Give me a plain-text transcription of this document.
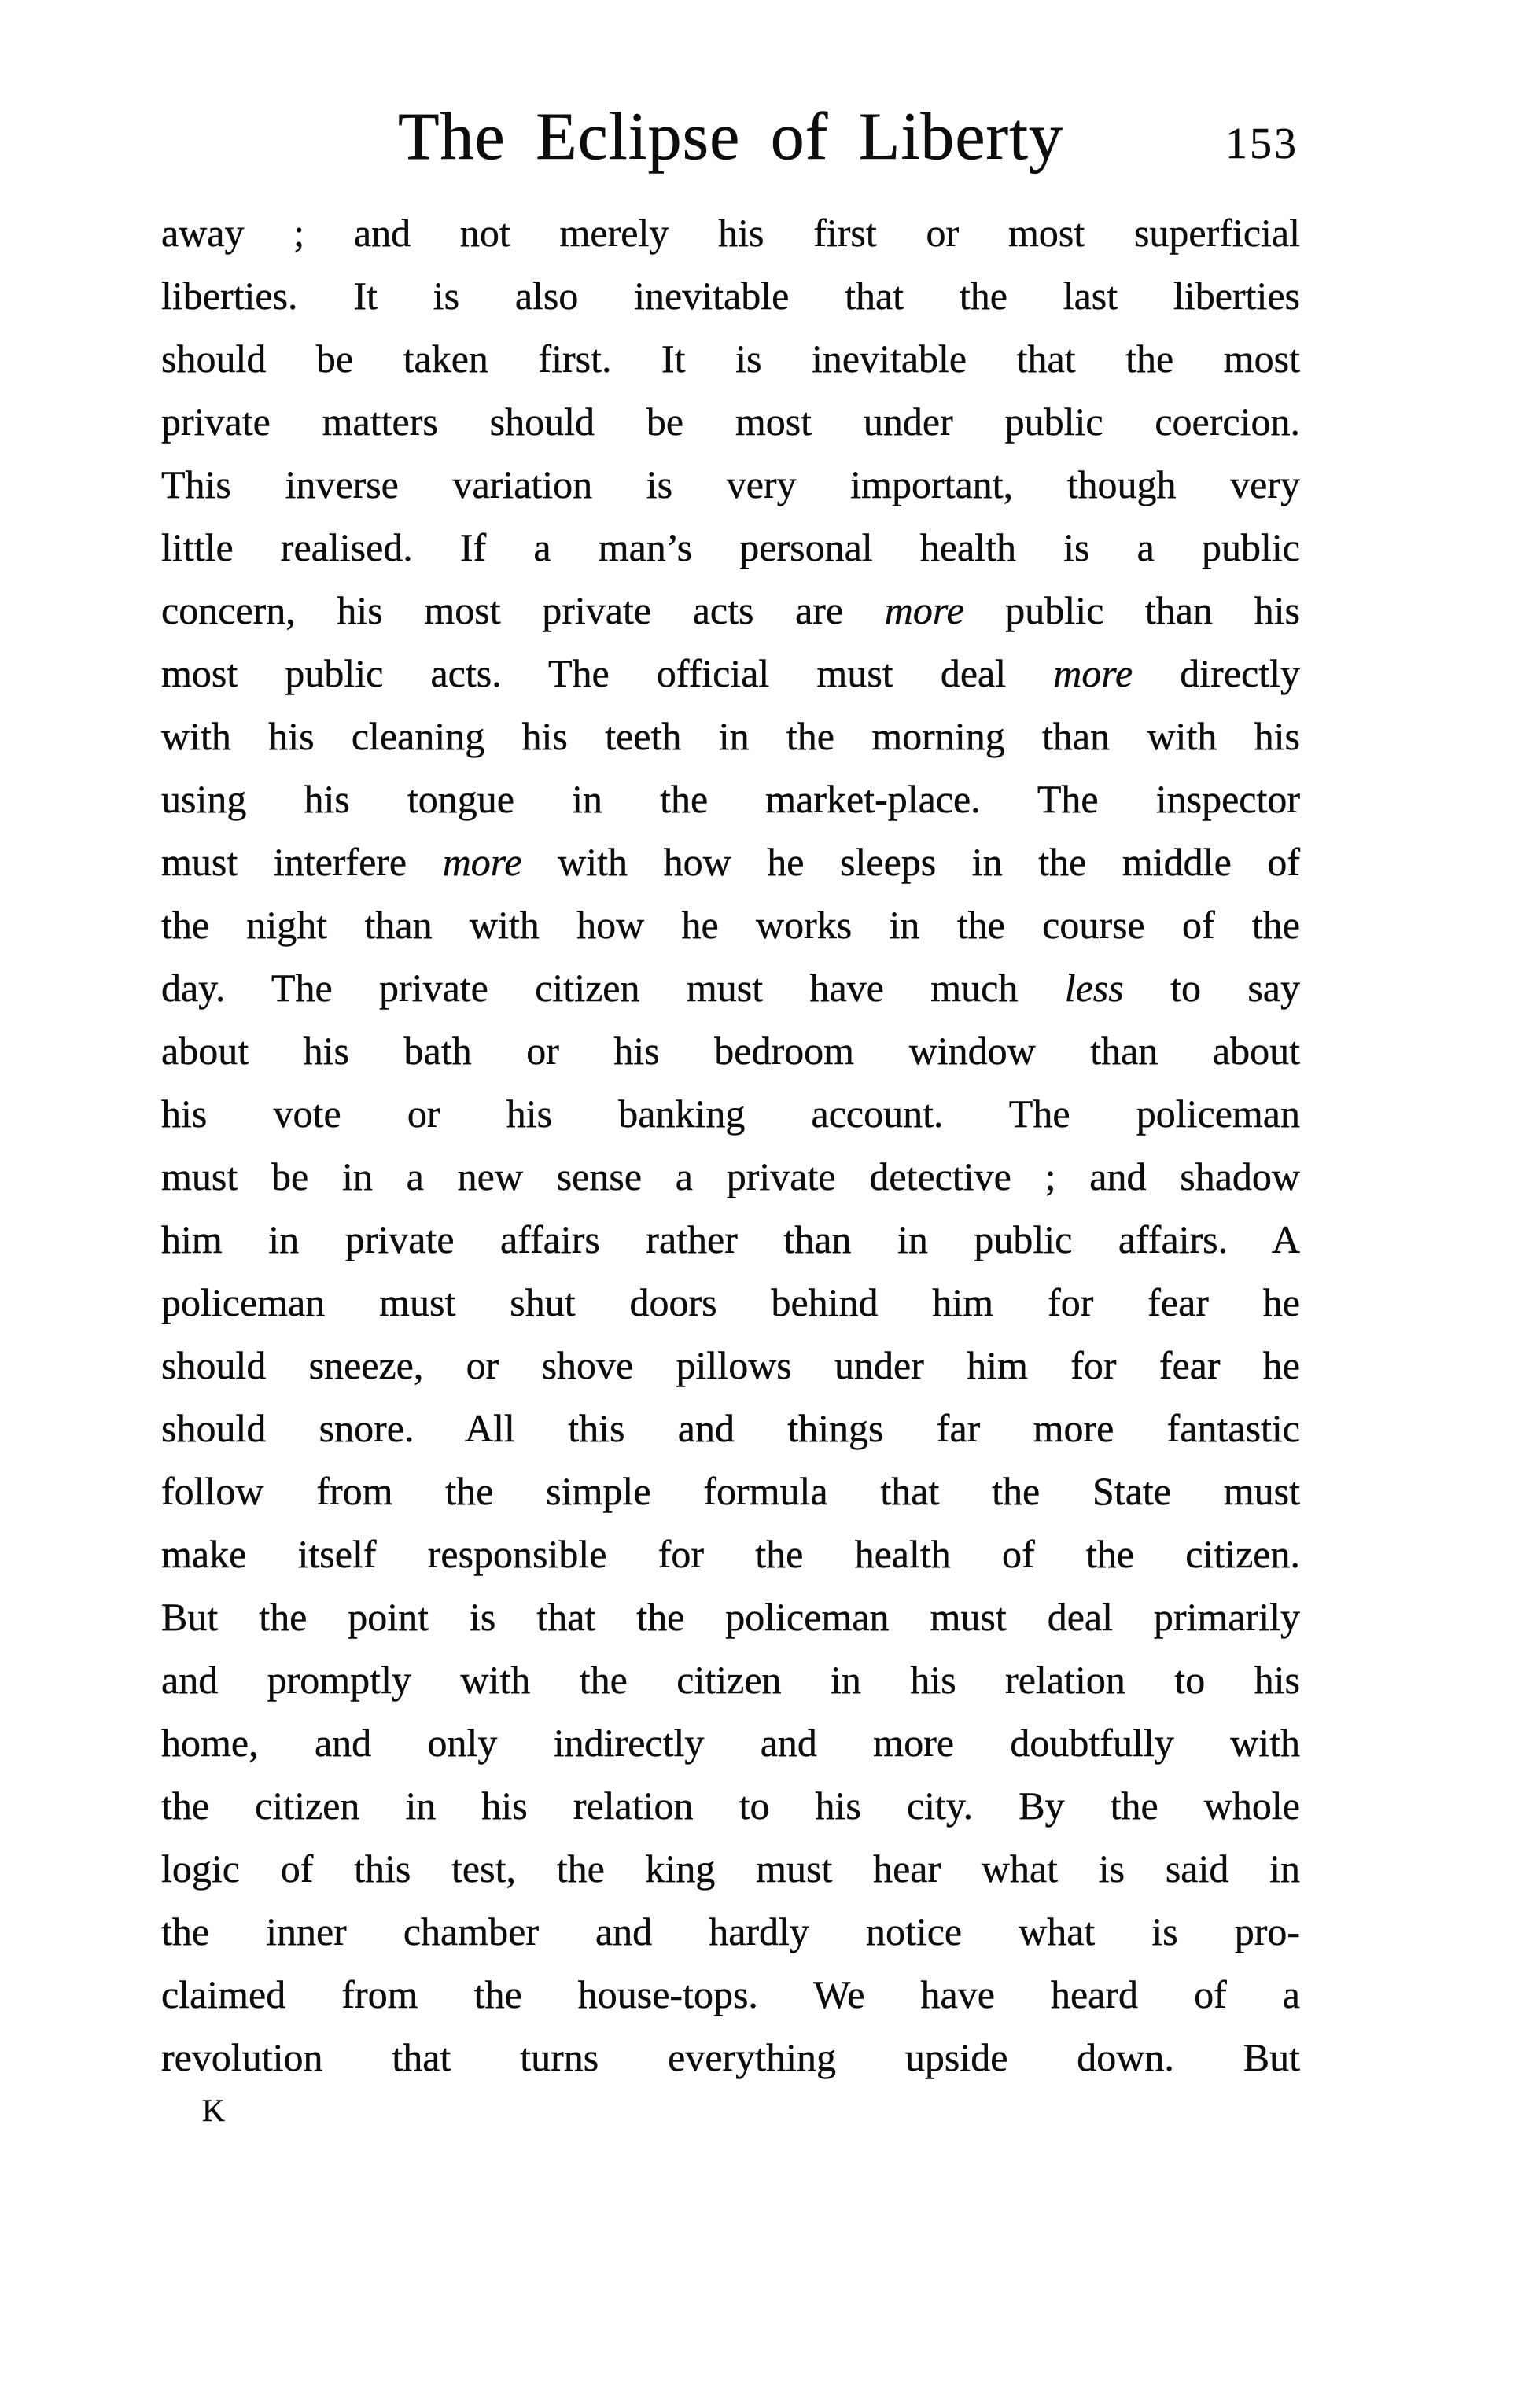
The Eclipse of Liberty	153
away ; and not merely his first or most superficial
liberties. It is also inevitable that the last liberties
should be taken first. It is inevitable that the most
private matters should be most under public coercion.
This inverse variation is very important, though very
little realised. If a man’s personal health is a public
concern, his most private acts are more public than his
most public acts. The official must deal more directly
with his cleaning his teeth in the morning than with his
using his tongue in the market-place. The inspector
must interfere more with how he sleeps in the middle of
the night than with how he works in the course of the
day. The private citizen must have much less to say
about his bath or his bedroom window than about
his vote or his banking account. The policeman
must be in a new sense a private detective ; and shadow
him in private affairs rather than in public affairs. A
policeman must shut doors behind him for fear he
should sneeze, or shove pillows under him for fear he
should snore. All this and things far more fantastic
follow from the simple formula that the State must
make itself responsible for the health of the citizen.
But the point is that the policeman must deal primarily
and promptly with the citizen in his relation to his
home, and only indirectly and more doubtfully with
the citizen in his relation to his city. By the whole
logic of this test, the king must hear what is said in
the inner chamber and hardly notice what is pro-
claimed from the house-tops. We have heard of a
revolution that turns everything upside down. But
K
